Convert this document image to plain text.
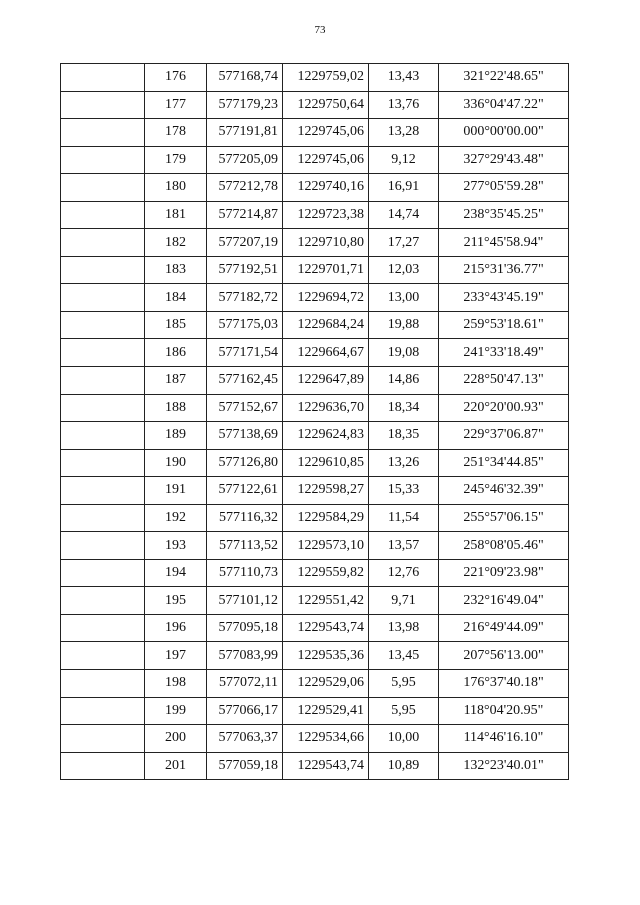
73
	176	577168,74	1229759,02	13,43	321°22'48.65"
	177	577179,23	1229750,64	13,76	336°04'47.22"
	178	577191,81	1229745,06	13,28	000°00'00.00"
	179	577205,09	1229745,06	9,12	327°29'43.48"
	180	577212,78	1229740,16	16,91	277°05'59.28"
	181	577214,87	1229723,38	14,74	238°35'45.25"
	182	577207,19	1229710,80	17,27	211°45'58.94"
	183	577192,51	1229701,71	12,03	215°31'36.77"
	184	577182,72	1229694,72	13,00	233°43'45.19"
	185	577175,03	1229684,24	19,88	259°53'18.61"
	186	577171,54	1229664,67	19,08	241°33'18.49"
	187	577162,45	1229647,89	14,86	228°50'47.13"
	188	577152,67	1229636,70	18,34	220°20'00.93"
	189	577138,69	1229624,83	18,35	229°37'06.87"
	190	577126,80	1229610,85	13,26	251°34'44.85"
	191	577122,61	1229598,27	15,33	245°46'32.39"
	192	577116,32	1229584,29	11,54	255°57'06.15"
	193	577113,52	1229573,10	13,57	258°08'05.46"
	194	577110,73	1229559,82	12,76	221°09'23.98"
	195	577101,12	1229551,42	9,71	232°16'49.04"
	196	577095,18	1229543,74	13,98	216°49'44.09"
	197	577083,99	1229535,36	13,45	207°56'13.00"
	198	577072,11	1229529,06	5,95	176°37'40.18"
	199	577066,17	1229529,41	5,95	118°04'20.95"
	200	577063,37	1229534,66	10,00	114°46'16.10"
	201	577059,18	1229543,74	10,89	132°23'40.01"
